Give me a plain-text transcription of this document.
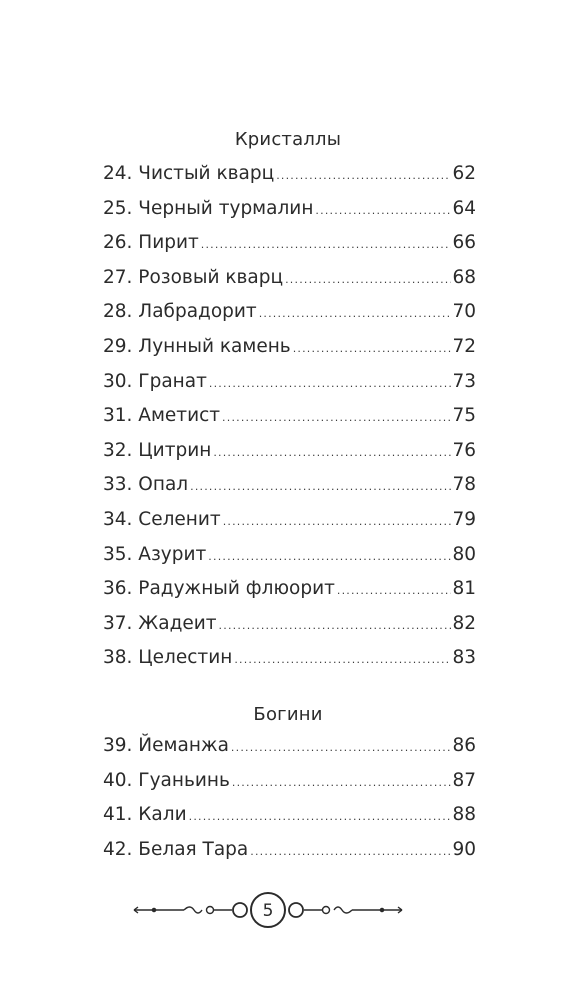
Кристаллы
24. Чистый кварц .....	62
25. Черный турмалин .....	64
26. Пирит .....	66
27. Розовый кварц .....	68
28. Лабрадорит .....	70
29. Лунный камень .....	72
30. Гранат .....	73
31. Аметист .....	75
32. Цитрин .....	76
33. Опал .....	78
34. Селенит .....	79
35. Азурит .....	80
36. Радужный флюорит .....	81
37. Жадеит .....	82
38. Целестин .....	83
Богини
39. Йеманжа .....	86
40. Гуаньинь .....	87
41. Кали .....	88
42. Белая Тара .....	90
5
